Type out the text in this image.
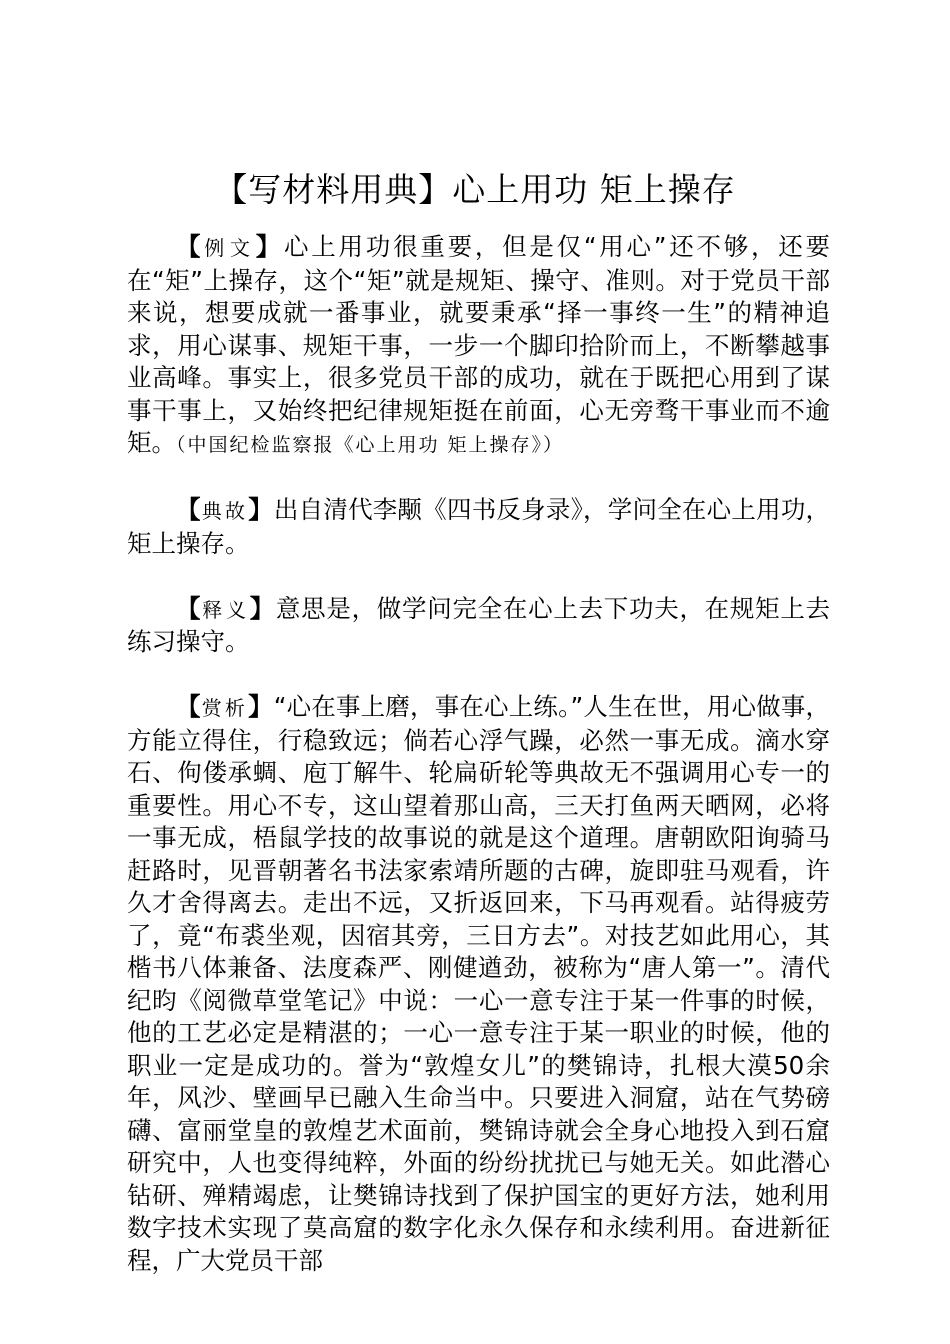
【写材料用典】心上用功 矩上操存

【例文】心上用功很重要，但是仅“用心”还不够，还要在“矩”上操存，这个“矩”就是规矩、操守、准则。对于党员干部来说，想要成就一番事业，就要秉承“择一事终一生”的精神追求，用心谋事、规矩干事，一步一个脚印拾阶而上，不断攀越事业高峰。事实上，很多党员干部的成功，就在于既把心用到了谋事干事上，又始终把纪律规矩挺在前面，心无旁骛干事业而不逾矩。（中国纪检监察报《心上用功 矩上操存》）

【典故】出自清代李颙《四书反身录》，学问全在心上用功，矩上操存。

【释义】意思是，做学问完全在心上去下功夫，在规矩上去练习操守。

【赏析】“心在事上磨，事在心上练。”人生在世，用心做事，方能立得住，行稳致远；倘若心浮气躁，必然一事无成。滴水穿石、佝偻承蜩、庖丁解牛、轮扁斫轮等典故无不强调用心专一的重要性。用心不专，这山望着那山高，三天打鱼两天晒网，必将一事无成，梧鼠学技的故事说的就是这个道理。唐朝欧阳询骑马赶路时，见晋朝著名书法家索靖所题的古碑，旋即驻马观看，许久才舍得离去。走出不远，又折返回来，下马再观看。站得疲劳了，竟“布裘坐观，因宿其旁，三日方去”。对技艺如此用心，其楷书八体兼备、法度森严、刚健遒劲，被称为“唐人第一”。清代纪昀《阅微草堂笔记》中说：一心一意专注于某一件事的时候，他的工艺必定是精湛的；一心一意专注于某一职业的时候，他的职业一定是成功的。誉为“敦煌女儿”的樊锦诗，扎根大漠50余年，风沙、壁画早已融入生命当中。只要进入洞窟，站在气势磅礴、富丽堂皇的敦煌艺术面前，樊锦诗就会全身心地投入到石窟研究中，人也变得纯粹，外面的纷纷扰扰已与她无关。如此潜心钻研、殚精竭虑，让樊锦诗找到了保护国宝的更好方法，她利用数字技术实现了莫高窟的数字化永久保存和永续利用。奋进新征程，广大党员干部
